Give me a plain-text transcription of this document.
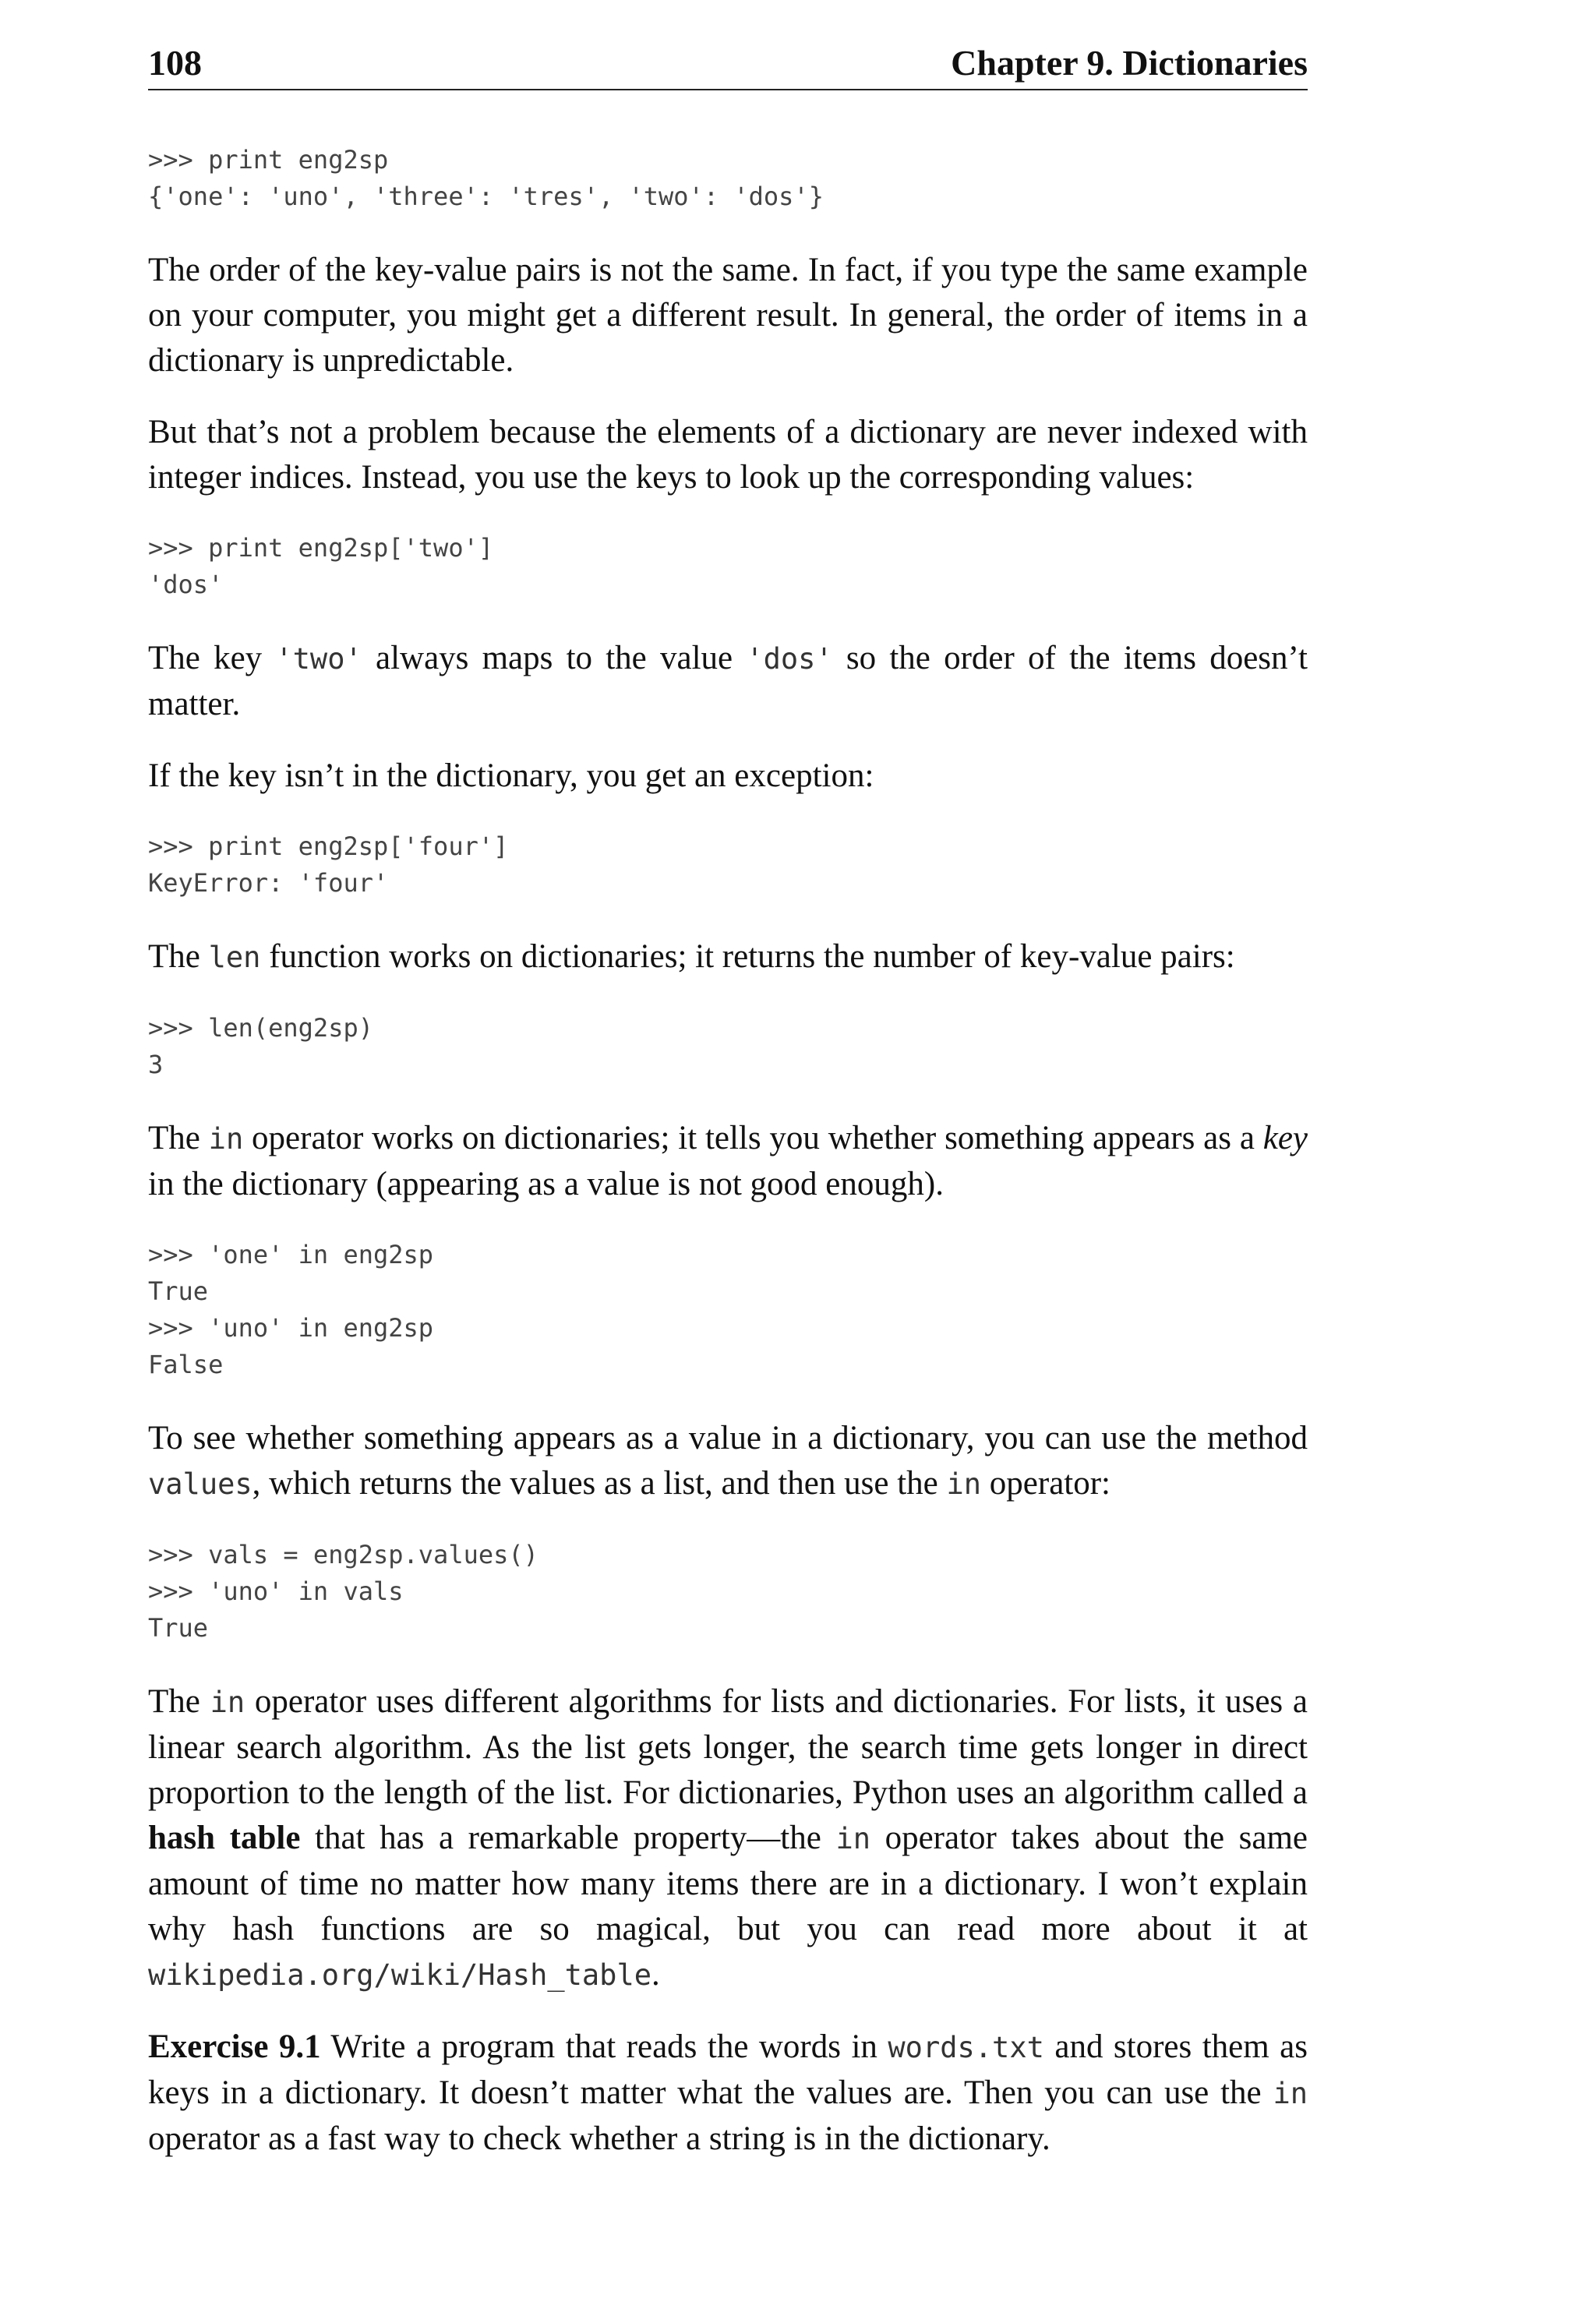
108	Chapter 9. Dictionaries
>>> print eng2sp
{'one': 'uno', 'three': 'tres', 'two': 'dos'}

The order of the key-value pairs is not the same. In fact, if you type the same example on your computer, you might get a different result. In general, the order of items in a dictionary is unpredictable.

But that’s not a problem because the elements of a dictionary are never indexed with integer indices. Instead, you use the keys to look up the corresponding values:

>>> print eng2sp['two']
'dos'

The key 'two' always maps to the value 'dos' so the order of the items doesn’t matter.

If the key isn’t in the dictionary, you get an exception:

>>> print eng2sp['four']
KeyError: 'four'

The len function works on dictionaries; it returns the number of key-value pairs:

>>> len(eng2sp)
3

The in operator works on dictionaries; it tells you whether something appears as a key in the dictionary (appearing as a value is not good enough).

>>> 'one' in eng2sp
True
>>> 'uno' in eng2sp
False

To see whether something appears as a value in a dictionary, you can use the method values, which returns the values as a list, and then use the in operator:

>>> vals = eng2sp.values()
>>> 'uno' in vals
True

The in operator uses different algorithms for lists and dictionaries. For lists, it uses a linear search algorithm. As the list gets longer, the search time gets longer in direct proportion to the length of the list. For dictionaries, Python uses an algorithm called a hash table that has a remarkable property—the in operator takes about the same amount of time no matter how many items there are in a dictionary. I won’t explain why hash functions are so magical, but you can read more about it at wikipedia.org/wiki/Hash_table.

Exercise 9.1 Write a program that reads the words in words.txt and stores them as keys in a dictionary. It doesn’t matter what the values are. Then you can use the in operator as a fast way to check whether a string is in the dictionary.
